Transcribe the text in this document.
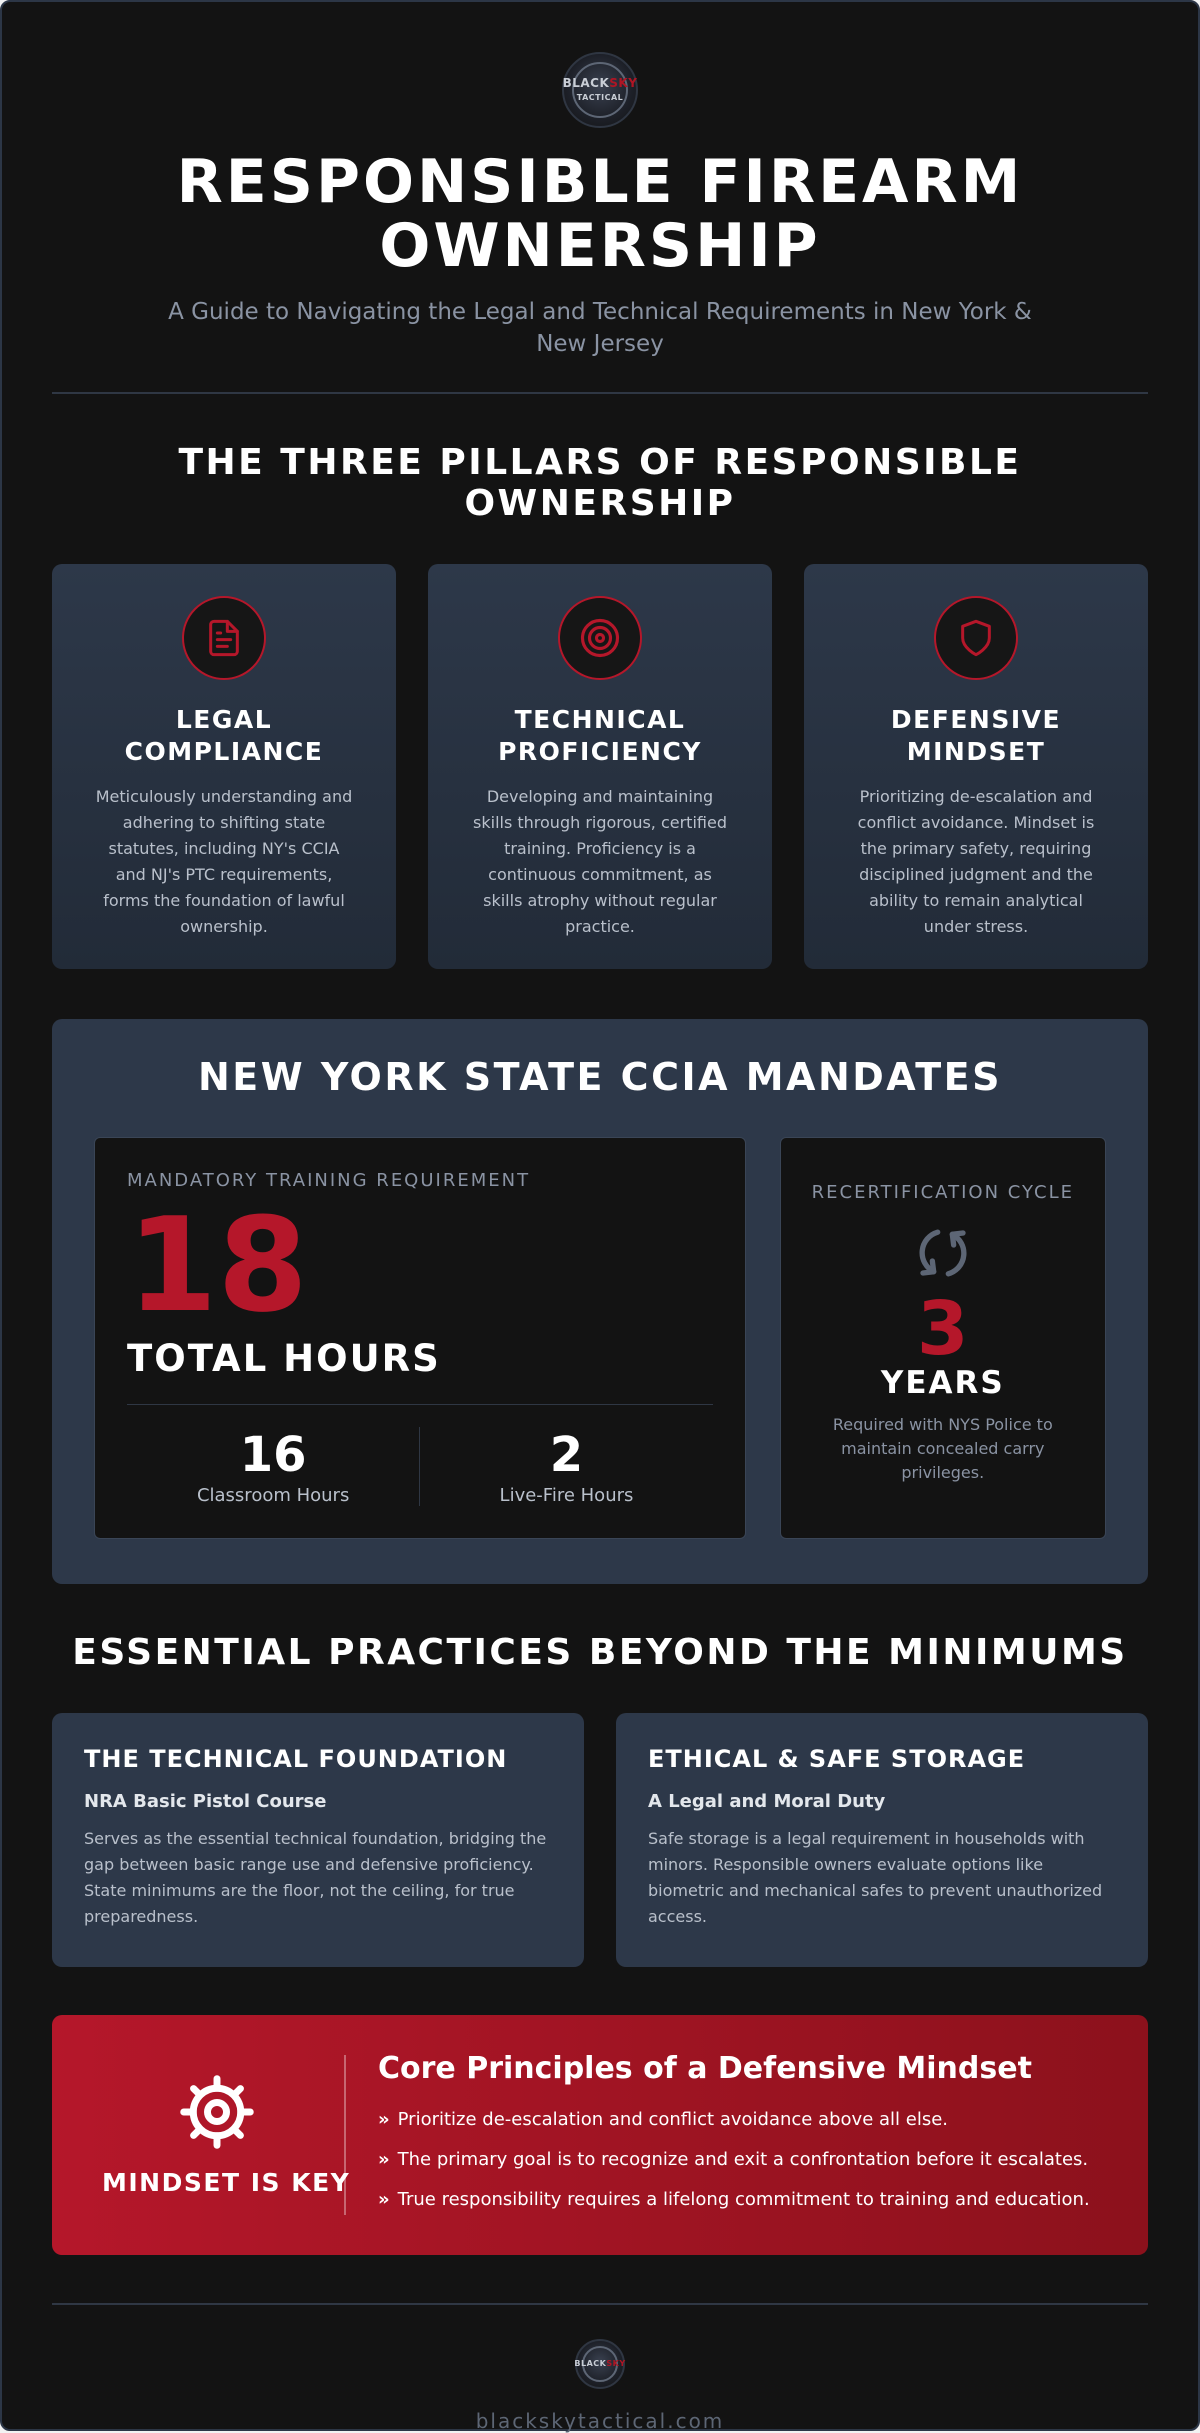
BLACKSKY
TACTICAL
RESPONSIBLE FIREARM OWNERSHIP
A Guide to Navigating the Legal and Technical Requirements in New York & New Jersey
THE THREE PILLARS OF RESPONSIBLE OWNERSHIP
LEGAL
COMPLIANCE

Meticulously understanding and adhering to shifting state statutes, including NY's CCIA and NJ's PTC requirements, forms the foundation of lawful ownership.

TECHNICAL
PROFICIENCY

Developing and maintaining skills through rigorous, certified training. Proficiency is a continuous commitment, as skills atrophy without regular practice.

DEFENSIVE
MINDSET

Prioritizing de-escalation and conflict avoidance. Mindset is the primary safety, requiring disciplined judgment and the ability to remain analytical under stress.

NEW YORK STATE CCIA MANDATES
MANDATORY TRAINING REQUIREMENT
18
TOTAL HOURS
16
Classroom Hours
2
Live-Fire Hours
RECERTIFICATION CYCLE
3
YEARS

Required with NYS Police to maintain concealed carry privileges.

ESSENTIAL PRACTICES BEYOND THE MINIMUMS
THE TECHNICAL FOUNDATION
NRA Basic Pistol Course

Serves as the essential technical foundation, bridging the gap between basic range use and defensive proficiency. State minimums are the floor, not the ceiling, for true preparedness.

ETHICAL & SAFE STORAGE
A Legal and Moral Duty

Safe storage is a legal requirement in households with minors. Responsible owners evaluate options like biometric and mechanical safes to prevent unauthorized access.

MINDSET IS KEY
Core Principles of a Defensive Mindset
» Prioritize de-escalation and conflict avoidance above all else.
» The primary goal is to recognize and exit a confrontation before it escalates.
» True responsibility requires a lifelong commitment to training and education.
BLACKSKY
blackskytactical.com
